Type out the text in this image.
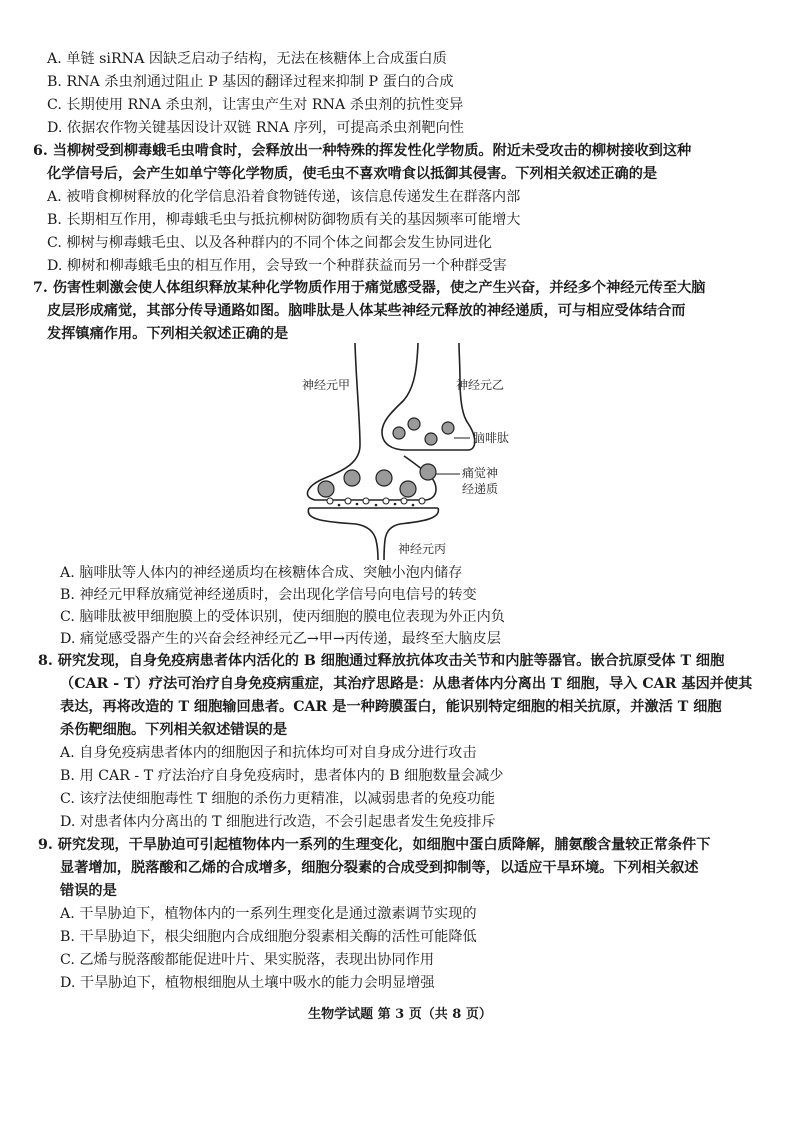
A. 单链 siRNA 因缺乏启动子结构，无法在核糖体上合成蛋白质
B. RNA 杀虫剂通过阻止 P 基因的翻译过程来抑制 P 蛋白的合成
C. 长期使用 RNA 杀虫剂，让害虫产生对 RNA 杀虫剂的抗性变异
D. 依据农作物关键基因设计双链 RNA 序列，可提高杀虫剂靶向性
6. 当柳树受到柳毒蛾毛虫啃食时，会释放出一种特殊的挥发性化学物质。附近未受攻击的柳树接收到这种
化学信号后，会产生如单宁等化学物质，使毛虫不喜欢啃食以抵御其侵害。下列相关叙述正确的是
A. 被啃食柳树释放的化学信息沿着食物链传递，该信息传递发生在群落内部
B. 长期相互作用，柳毒蛾毛虫与抵抗柳树防御物质有关的基因频率可能增大
C. 柳树与柳毒蛾毛虫、以及各种群内的不同个体之间都会发生协同进化
D. 柳树和柳毒蛾毛虫的相互作用，会导致一个种群获益而另一个种群受害
7. 伤害性刺激会使人体组织释放某种化学物质作用于痛觉感受器，使之产生兴奋，并经多个神经元传至大脑
皮层形成痛觉，其部分传导通路如图。脑啡肽是人体某些神经元释放的神经递质，可与相应受体结合而
发挥镇痛作用。下列相关叙述正确的是
神经元甲	神经元乙
脑啡肽
痛觉神
经递质
神经元丙
A. 脑啡肽等人体内的神经递质均在核糖体合成、突触小泡内储存
B. 神经元甲释放痛觉神经递质时，会出现化学信号向电信号的转变
C. 脑啡肽被甲细胞膜上的受体识别，使丙细胞的膜电位表现为外正内负
D. 痛觉感受器产生的兴奋会经神经元乙→甲→丙传递，最终至大脑皮层
8. 研究发现，自身免疫病患者体内活化的 B 细胞通过释放抗体攻击关节和内脏等器官。嵌合抗原受体 T 细胞
（CAR - T）疗法可治疗自身免疫病重症，其治疗思路是：从患者体内分离出 T 细胞，导入 CAR 基因并使其
表达，再将改造的 T 细胞输回患者。CAR 是一种跨膜蛋白，能识别特定细胞的相关抗原，并激活 T 细胞
杀伤靶细胞。下列相关叙述错误的是
A. 自身免疫病患者体内的细胞因子和抗体均可对自身成分进行攻击
B. 用 CAR - T 疗法治疗自身免疫病时，患者体内的 B 细胞数量会减少
C. 该疗法使细胞毒性 T 细胞的杀伤力更精准，以减弱患者的免疫功能
D. 对患者体内分离出的 T 细胞进行改造，不会引起患者发生免疫排斥
9. 研究发现，干旱胁迫可引起植物体内一系列的生理变化，如细胞中蛋白质降解，脯氨酸含量较正常条件下
显著增加，脱落酸和乙烯的合成增多，细胞分裂素的合成受到抑制等，以适应干旱环境。下列相关叙述
错误的是
A. 干旱胁迫下，植物体内的一系列生理变化是通过激素调节实现的
B. 干旱胁迫下，根尖细胞内合成细胞分裂素相关酶的活性可能降低
C. 乙烯与脱落酸都能促进叶片、果实脱落，表现出协同作用
D. 干旱胁迫下，植物根细胞从土壤中吸水的能力会明显增强
生物学试题 第 3 页（共 8 页）
